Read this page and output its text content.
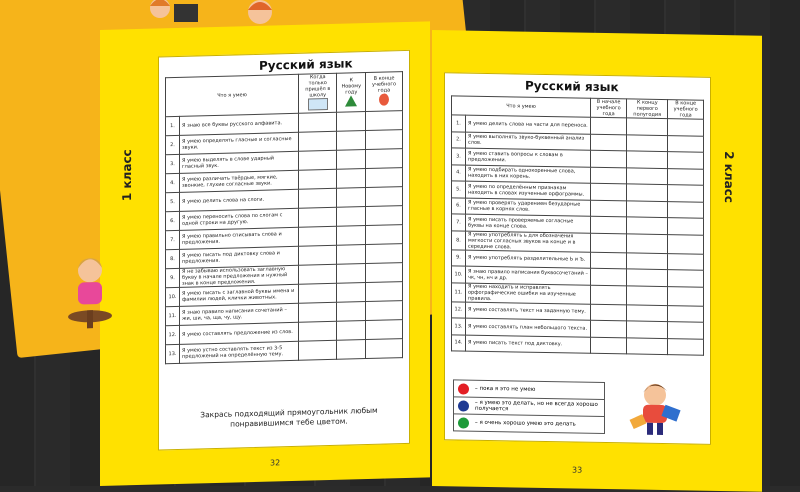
1 класс
Русский язык
Что я умею		Когда только пришёл в школу	К Новому году	В конце учебного года

1.	Я знаю все буквы русского алфавита.			
2.	Я умею определять гласные и согласные звуки.			
3.	Я умею выделять в слове ударный гласный звук.			
4.	Я умею различать твёрдые, мягкие, звонкие, глухие согласные звуки.			
5.	Я умею делить слова на слоги.			
6.	Я умею переносить слова по слогам с одной строки на другую.			
7.	Я умею правильно списывать слова и предложения.			
8.	Я умею писать под диктовку слова и предложения.			
9.	Я не забываю использовать заглавную букву в начале предложения и нужный знак в конце предложения.			
10.	Я умею писать с заглавной буквы имена и фамилии людей, клички животных.			
11.	Я знаю правило написания сочетаний – жи, ши, ча, ща, чу, щу.			
12.	Я умею составлять предложение из слов.			
13.	Я умею устно составлять текст из 3-5 предложений на определённую тему.			
Закрась подходящий прямоугольник любым понравившимся тебе цветом.
32
2 класс
Русский язык
Что я умею		В начале учебного года	К концу первого полугодия	В конце учебного года
1.	Я умею делить слова на части для переноса.			
2.	Я умею выполнять звуко-буквенный анализ слов.			
3.	Я умею ставить вопросы к словам в предложении.			
4.	Я умею подбирать однокоренные слова, находить в них корень.			
5.	Я умею по определённым признакам находить в словах изученные орфограммы.			
6.	Я умею проверять ударением безударные гласные в корнях слов.			
7.	Я умею писать проверяемые согласные буквы на конце слова.			
8.	Я умею употреблять ь для обозначения мягкости согласных звуков на конце и в середине слова.			
9.	Я умею употреблять разделительные Ь и Ъ.			
10.	Я знаю правило написания буквосочетаний – чк, чн, нч и др.			
11.	Я умею находить и исправлять орфографические ошибки на изученные правила.			
12.	Я умею составлять текст на заданную тему.			
13.	Я умею составлять план небольшого текста.			
14.	Я умею писать текст под диктовку.			
– пока я это не умею
– я умею это делать, но не всегда хорошо получается
– я очень хорошо умею это делать
33
